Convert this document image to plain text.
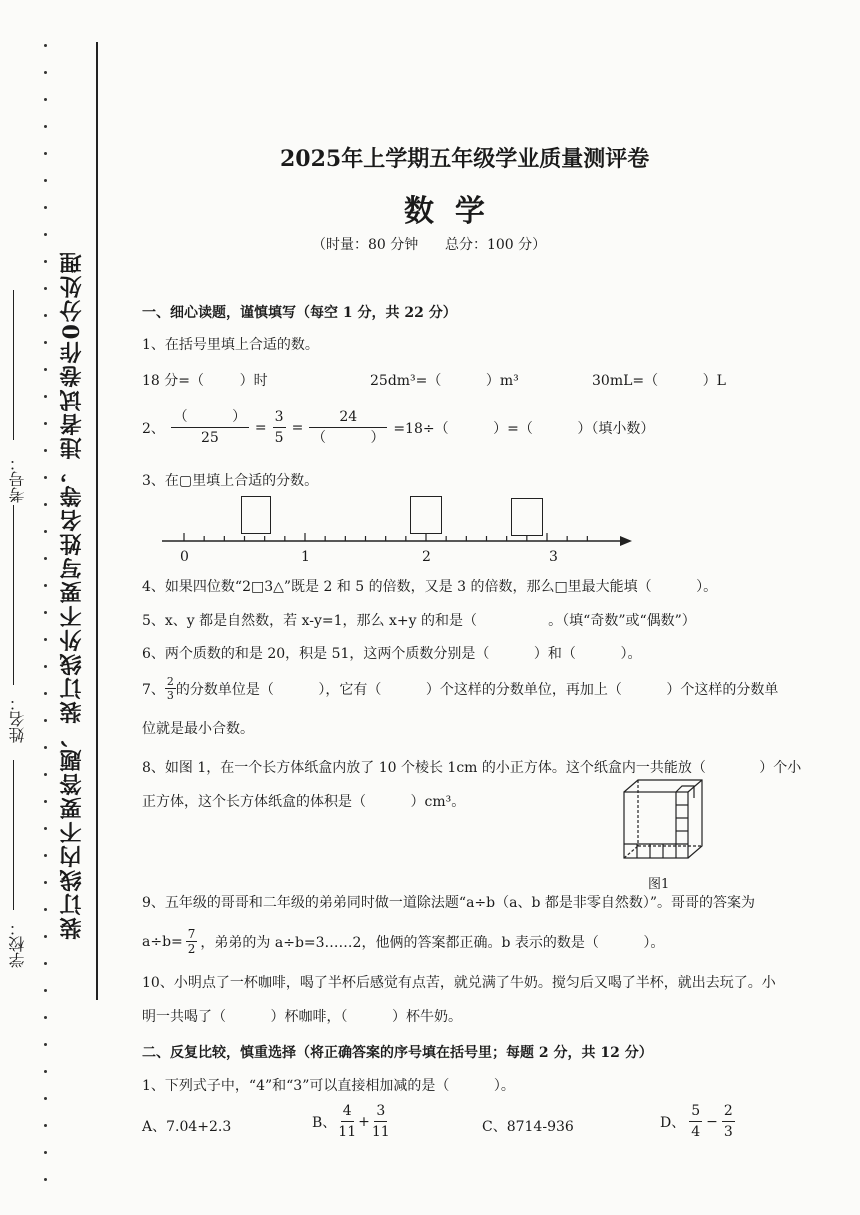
装订线内不要答题、装订线外不要写姓名等，违者试卷作0分处理
学校：
姓名：
考号：
2025年上学期五年级学业质量测评卷
数  学
（时量：80 分钟      总分：100 分）
一、细心读题，谨慎填写（每空 1 分，共 22 分）
1、在括号里填上合适的数。
18 分=（        ）时	25dm³=（          ）m³	30mL=（          ）L
2、 $\frac{( )}{25} = \frac{3}{5} = \frac{24}{( )} =18\div$（          ）=（          ）（填小数）
3、在▢里填上合适的分数。
0	1	2	3
4、如果四位数“2□3△”既是 2 和 5 的倍数，又是 3 的倍数，那么□里最大能填（          ）。
5、x、y 都是自然数，若 x-y=1，那么 x+y 的和是（                。（填“奇数”或“偶数”）
6、两个质数的和是 20，积是 51，这两个质数分别是（          ）和（          ）。
7、 $\frac{2}{3}$ 的分数单位是（          ），它有（          ）个这样的分数单位，再加上（          ）个这样的分数单
位就是最小合数。
8、如图 1，在一个长方体纸盒内放了 10 个棱长 1cm 的小正方体。这个纸盒内一共能放（            ）个小
正方体，这个长方体纸盒的体积是（          ）cm³。
图1
9、五年级的哥哥和二年级的弟弟同时做一道除法题“a÷b（a、b 都是非零自然数）”。哥哥的答案为
$a\div b= \frac{7}{2}$ ，弟弟的为 a÷b=3……2，他俩的答案都正确。b 表示的数是（          ）。
10、小明点了一杯咖啡，喝了半杯后感觉有点苦，就兑满了牛奶。搅匀后又喝了半杯，就出去玩了。小
明一共喝了（          ）杯咖啡，（          ）杯牛奶。
二、反复比较，慎重选择（将正确答案的序号填在括号里；每题 2 分，共 12 分）
1、下列式子中，“4”和“3”可以直接相加减的是（          ）。
A、7.04+2.3	B、 $\frac{4}{11} + \frac{3}{11}$	C、8714-936	D、 $\frac{5}{4} - \frac{2}{3}$
